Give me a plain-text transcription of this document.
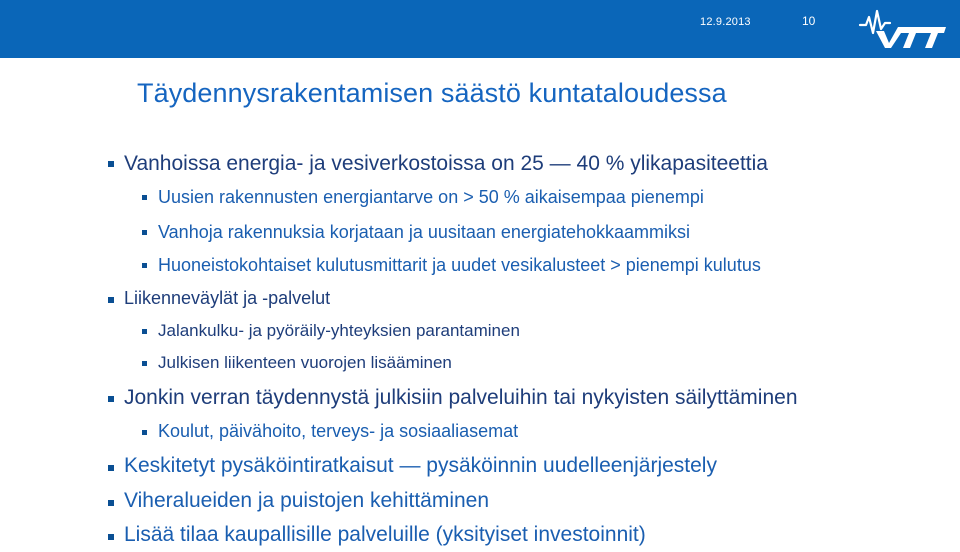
12.9.2013	10
Täydennysrakentamisen säästö kuntataloudessa
Vanhoissa energia- ja vesiverkostoissa on 25 — 40 % ylikapasiteettia
Uusien rakennusten energiantarve on > 50 % aikaisempaa pienempi
Vanhoja rakennuksia korjataan ja uusitaan energiatehokkaammiksi
Huoneistokohtaiset kulutusmittarit ja uudet vesikalusteet > pienempi kulutus
Liikenneväylät ja -palvelut
Jalankulku- ja pyöräily-yhteyksien parantaminen
Julkisen liikenteen vuorojen lisääminen
Jonkin verran täydennystä julkisiin palveluihin tai nykyisten säilyttäminen
Koulut, päivähoito, terveys- ja sosiaaliasemat
Keskitetyt pysäköintiratkaisut — pysäköinnin uudelleenjärjestely
Viheralueiden ja puistojen kehittäminen
Lisää tilaa kaupallisille palveluille (yksityiset investoinnit)
